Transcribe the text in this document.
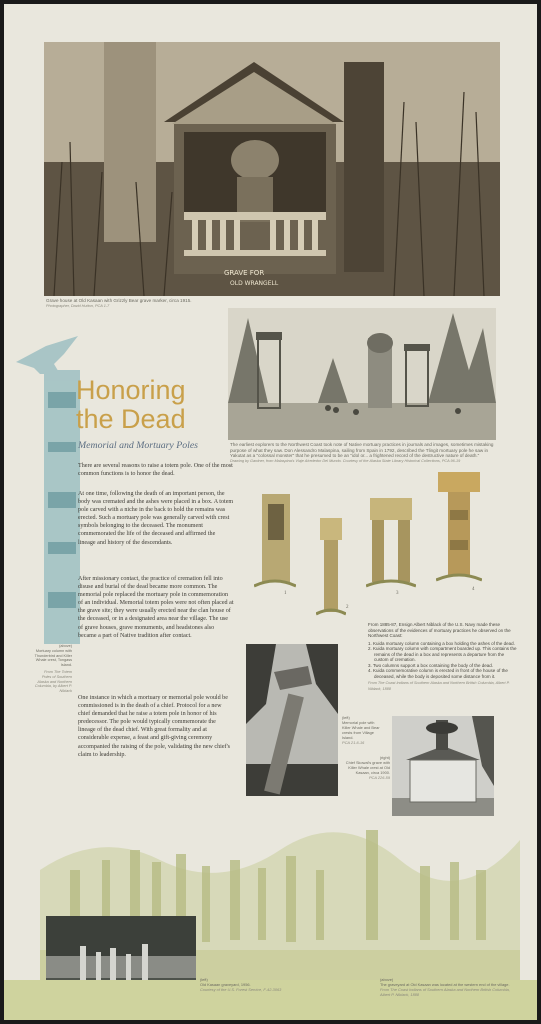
GRAVE FOR
OLD WRANGELL
Grave house at Old Kasaan with Grizzly Bear grave marker, circa 1915.
Photographer, David Hutton, PCA 1-7
The earliest explorers to the Northwest Coast took note of Native mortuary practices in journals and images, sometimes mistaking purpose of what they saw. Don Alessandro Malaspina, sailing from Spain in 1792, described the Tlingit mortuary pole he saw in Yakutat as a "colossal monster" that he presumed to be an "idol or... a frightened record of the destructive nature of death."
Drawing by Gardner, from Malaspina's Viaje Alrededor Del Mundo. Courtesy of the Alaska State Library Historical Collections, PCA 96-19
(above)
Mortuary column with Thunderbird and Killer Whale crest, Tongass Island.
From The Totem Poles of Southern Alaska and Northern Columbia, by Albert P. Niblack
Honoring
the Dead
Memorial and Mortuary Poles

There are several reasons to raise a totem pole. One of the most common functions is to honor the dead.

At one time, following the death of an important person, the body was cremated and the ashes were placed in a box. A totem pole carved with a niche in the back to hold the remains was erected. Such a mortuary pole was generally carved with crest symbols belonging to the deceased. The monument commemorated the life of the deceased and affirmed the lineage and history of the descendants.

After missionary contact, the practice of cremation fell into disuse and burial of the dead became more common. The memorial pole replaced the mortuary pole in commemoration of an individual. Memorial totem poles were not often placed at the grave site; they were usually erected near the clan house of the deceased, or in a designated area near the village. The use of grave houses, grave monuments, and headstones also became a part of Native tradition after contact.

One instance in which a mortuary or memorial pole would be commissioned is in the death of a chief. Protocol for a new chief demanded that he raise a totem pole in honor of his predecessor. The pole would typically commemorate the lineage of the dead chief. With great formality and at considerable expense, a feast and gift-giving ceremony accompanied the raising of the pole, validating the new chief's claim to leadership.

1
2
3
4
From 1885-87, Ensign Albert Niblack of the U.S. Navy made these observations of the evidences of mortuary practices he observed on the Northwest Coast:
1. Kuida mortuary column containing a box holding the ashes of the dead.
2. Kuida mortuary column with compartment boarded up. This contains the remains of the dead in a box and represents a departure from the custom of cremation.
3. Two columns support a box containing the body of the dead.
4. Kuida commemorative column is erected in front of the house of the deceased, while the body is deposited some distance from it.
From The Coast Indians of Southern Alaska and Northern British Columbia, Albert P. Niblack, 1888
(left)
Memorial pole with Killer Whale and Bear crests from Village Island.
PCA 21-6-16
(right)
Chief Skowal's grave with Killer Whale crest at Old Kasaan, circa 1900.
PCA 226-59
(left)
Old Kasaan graveyard, 1956.
Courtesy of the U.S. Forest Service, F-42-3063
(above)
The graveyard at Old Kasaan was located at the western end of the village.
From The Coast Indians of Southern Alaska and Northern British Columbia, Albert P. Niblack, 1888
